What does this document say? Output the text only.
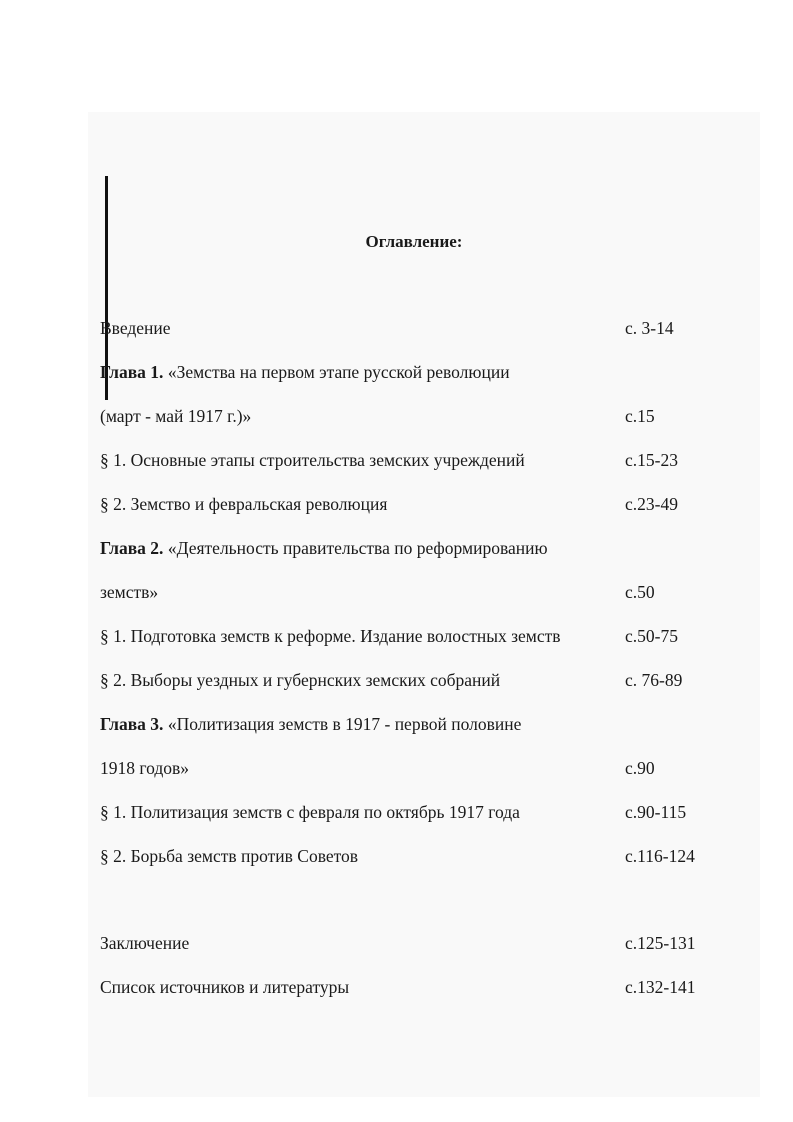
Оглавление:
Введение	с. 3-14
Глава 1. «Земства на первом этапе русской революции
(март - май 1917 г.)»	с.15
§ 1. Основные этапы строительства земских учреждений	с.15-23
§ 2. Земство и февральская революция	с.23-49
Глава 2. «Деятельность правительства по реформированию
земств»	с.50
§ 1. Подготовка земств к реформе. Издание волостных земств	с.50-75
§ 2. Выборы уездных и губернских земских собраний	с. 76-89
Глава 3. «Политизация земств в 1917 - первой половине
1918 годов»	с.90
§ 1. Политизация земств с февраля по октябрь 1917 года	с.90-115
§ 2. Борьба земств против Советов	с.116-124
Заключение	с.125-131
Список источников и литературы	с.132-141
